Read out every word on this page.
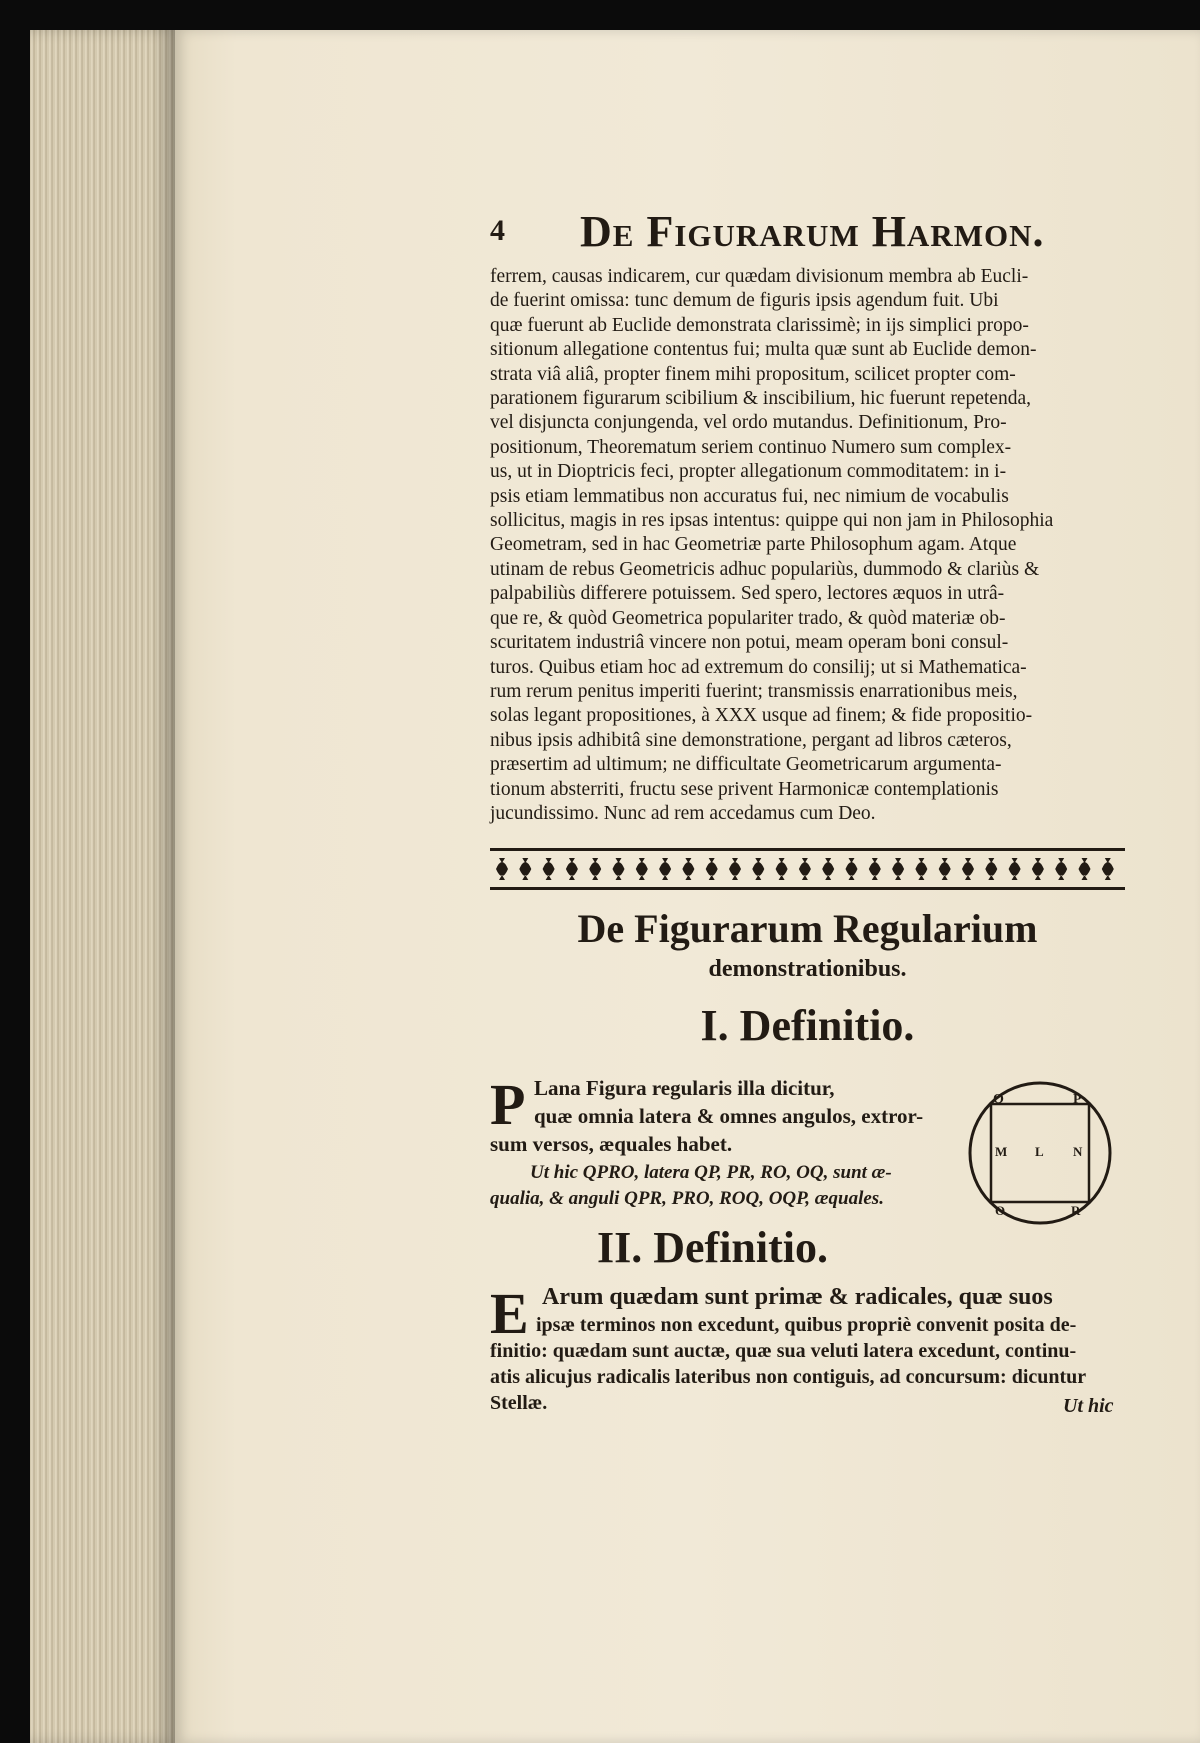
4 De Figurarum Harmon.

ferrem, causas indicarem, cur quædam divisionum membra ab Eucli-

de fuerint omissa: tunc demum de figuris ipsis agendum fuit. Ubi

quæ fuerunt ab Euclide demonstrata clarissimè; in ijs simplici propo-

sitionum allegatione contentus fui; multa quæ sunt ab Euclide demon-

strata viâ aliâ, propter finem mihi propositum, scilicet propter com-

parationem figurarum scibilium & inscibilium, hic fuerunt repetenda,

vel disjuncta conjungenda, vel ordo mutandus. Definitionum, Pro-

positionum, Theorematum seriem continuo Numero sum complex-

us, ut in Dioptricis feci, propter allegationum commoditatem: in i-

psis etiam lemmatibus non accuratus fui, nec nimium de vocabulis

sollicitus, magis in res ipsas intentus: quippe qui non jam in Philosophia

Geometram, sed in hac Geometriæ parte Philosophum agam. Atque

utinam de rebus Geometricis adhuc populariùs, dummodo & clariùs &

palpabiliùs differere potuissem. Sed spero, lectores æquos in utrâ-

que re, & quòd Geometrica populariter trado, & quòd materiæ ob-

scuritatem industriâ vincere non potui, meam operam boni consul-

turos. Quibus etiam hoc ad extremum do consilij; ut si Mathematica-

rum rerum penitus imperiti fuerint; transmissis enarrationibus meis,

solas legant propositiones, à XXX usque ad finem; & fide propositio-

nibus ipsis adhibitâ sine demonstratione, pergant ad libros cæteros,

præsertim ad ultimum; ne difficultate Geometricarum argumenta-

tionum absterriti, fructu sese privent Harmonicæ contemplationis

jucundissimo. Nunc ad rem accedamus cum Deo.

De Figurarum Regularium
demonstrationibus.
I. Definitio.
P Lana Figura regularis illa dicitur,
quæ omnia latera & omnes angulos, extror-
sum versos, æquales habet.
Ut hic QPRO, latera QP, PR, RO, OQ, sunt æ-
qualia, & anguli QPR, PRO, ROQ, OQP, æquales.
Q	P
M L N
O	R
II. Definitio.
E Arum quædam sunt primæ & radicales, quæ suos
ipsæ terminos non excedunt, quibus propriè convenit posita de-
finitio: quædam sunt auctæ, quæ sua veluti latera excedunt, continu-
atis alicujus radicalis lateribus non contiguis, ad concursum: dicuntur
Stellæ.	Ut hic
